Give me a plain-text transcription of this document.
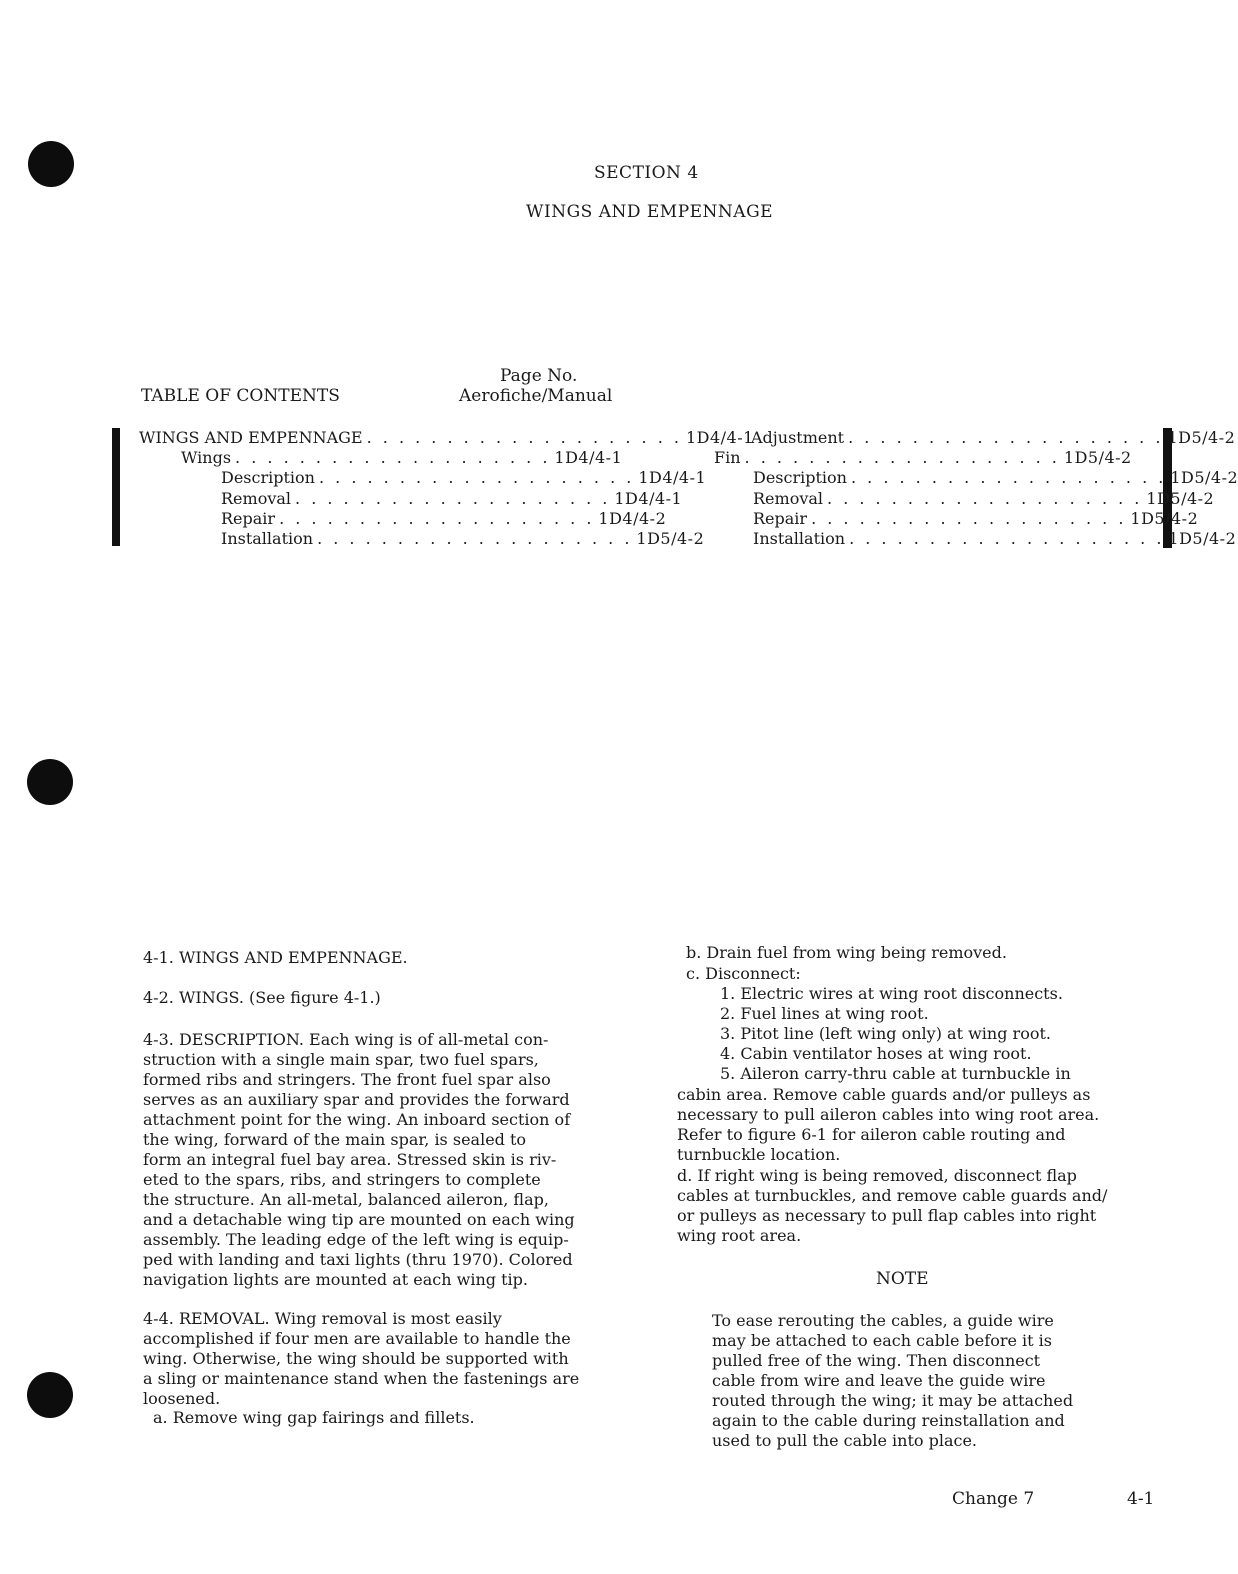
SECTION 4
WINGS AND EMPENNAGE
TABLE OF CONTENTS
Page No.
Aerofiche/Manual
WINGS AND EMPENNAGE . . . . . . . . . . . . . . . . . . . . 1D4/4-1
Wings . . . . . . . . . . . . . . . . . . . . 1D4/4-1
Description . . . . . . . . . . . . . . . . . . . . 1D4/4-1
Removal . . . . . . . . . . . . . . . . . . . . 1D4/4-1
Repair . . . . . . . . . . . . . . . . . . . . 1D4/4-2
Installation . . . . . . . . . . . . . . . . . . . . 1D5/4-2
Adjustment . . . . . . . . . . . . . . . . . . . . 1D5/4-2
Fin . . . . . . . . . . . . . . . . . . . . 1D5/4-2
Description . . . . . . . . . . . . . . . . . . . . 1D5/4-2
Removal . . . . . . . . . . . . . . . . . . . . 1D5/4-2
Repair . . . . . . . . . . . . . . . . . . . . 1D5/4-2
Installation . . . . . . . . . . . . . . . . . . . . 1D5/4-2
4-1. WINGS AND EMPENNAGE.
4-2. WINGS. (See figure 4-1.)
4-3. DESCRIPTION. Each wing is of all-metal con-
struction with a single main spar, two fuel spars,
formed ribs and stringers. The front fuel spar also
serves as an auxiliary spar and provides the forward
attachment point for the wing. An inboard section of
the wing, forward of the main spar, is sealed to
form an integral fuel bay area. Stressed skin is riv-
eted to the spars, ribs, and stringers to complete
the structure. An all-metal, balanced aileron, flap,
and a detachable wing tip are mounted on each wing
assembly. The leading edge of the left wing is equip-
ped with landing and taxi lights (thru 1970). Colored
navigation lights are mounted at each wing tip.
4-4. REMOVAL. Wing removal is most easily
accomplished if four men are available to handle the
wing. Otherwise, the wing should be supported with
a sling or maintenance stand when the fastenings are
loosened.
a. Remove wing gap fairings and fillets.
b. Drain fuel from wing being removed.
c. Disconnect:
1. Electric wires at wing root disconnects.
2. Fuel lines at wing root.
3. Pitot line (left wing only) at wing root.
4. Cabin ventilator hoses at wing root.
5. Aileron carry-thru cable at turnbuckle in
cabin area. Remove cable guards and/or pulleys as
necessary to pull aileron cables into wing root area.
Refer to figure 6-1 for aileron cable routing and
turnbuckle location.
d. If right wing is being removed, disconnect flap
cables at turnbuckles, and remove cable guards and/
or pulleys as necessary to pull flap cables into right
wing root area.
NOTE
To ease rerouting the cables, a guide wire
may be attached to each cable before it is
pulled free of the wing. Then disconnect
cable from wire and leave the guide wire
routed through the wing; it may be attached
again to the cable during reinstallation and
used to pull the cable into place.
Change 7	4-1
